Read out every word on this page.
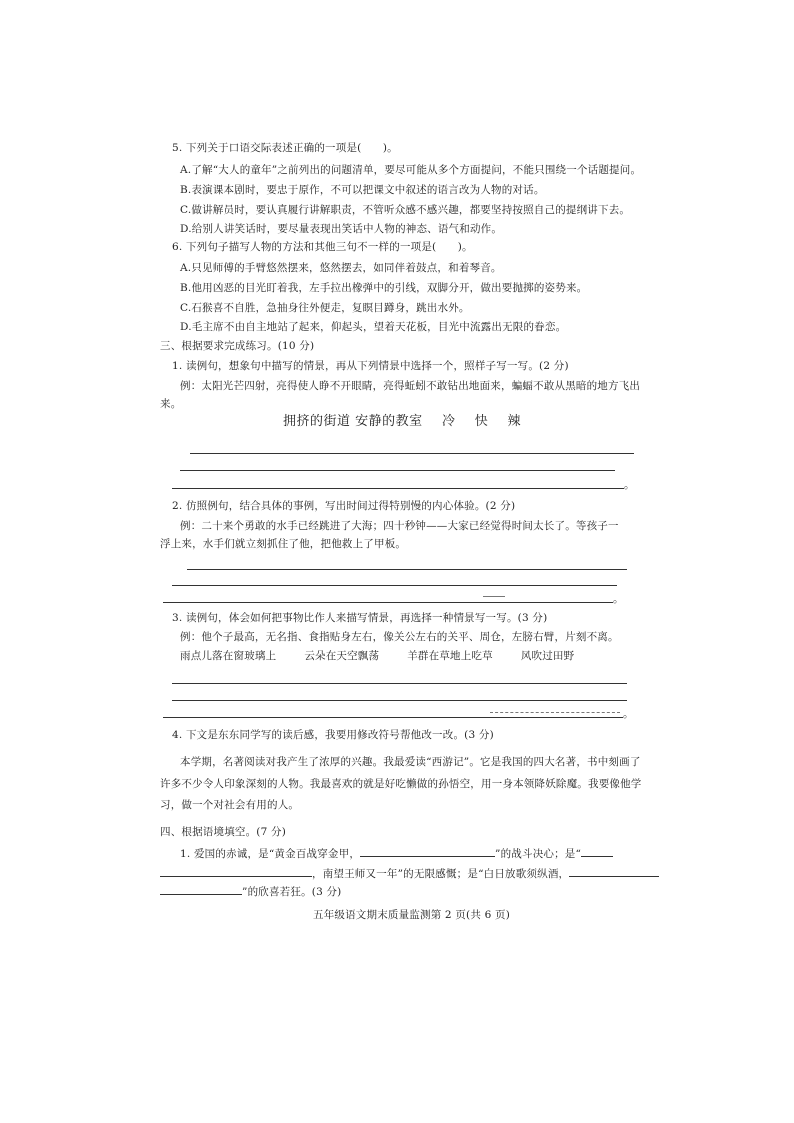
5. 下列关于口语交际表述正确的一项是(　　)。
A.了解“大人的童年”之前列出的问题清单，要尽可能从多个方面提问，不能只围绕一个话题提问。
B.表演课本剧时，要忠于原作，不可以把课文中叙述的语言改为人物的对话。
C.做讲解员时，要认真履行讲解职责，不管听众感不感兴趣，都要坚持按照自己的提纲讲下去。
D.给别人讲笑话时，要尽量表现出笑话中人物的神态、语气和动作。
6. 下列句子描写人物的方法和其他三句不一样的一项是(　　)。
A.只见师傅的手臂悠然摆来，悠然摆去，如同伴着鼓点，和着琴音。
B.他用凶恶的目光盯着我，左手拉出橡弹中的引线，双脚分开，做出要抛掷的姿势来。
C.石猴喜不自胜，急抽身往外便走，复瞑目蹲身，跳出水外。
D.毛主席不由自主地站了起来，仰起头，望着天花板，目光中流露出无限的眷恋。
三、根据要求完成练习。(10 分)
1. 读例句，想象句中描写的情景，再从下列情景中选择一个，照样子写一写。(2 分)
例：太阳光芒四射，亮得使人睁不开眼睛，亮得蚯蚓不敢钻出地面来，蝙蝠不敢从黑暗的地方飞出
来。
拥挤的街道 安静的教室 冷 快 辣
。
2. 仿照例句，结合具体的事例，写出时间过得特别慢的内心体验。(2 分)
例：二十来个勇敢的水手已经跳进了大海；四十秒钟——大家已经觉得时间太长了。等孩子一
浮上来，水手们就立刻抓住了他，把他救上了甲板。
。
3. 读例句，体会如何把事物比作人来描写情景，再选择一种情景写一写。(3 分)
例：他个子最高，无名指、食指贴身左右，像关公左右的关平、周仓，左膀右臂，片刻不离。
雨点儿落在窗玻璃上	云朵在天空飘荡	羊群在草地上吃草	风吹过田野
。
4. 下文是东东同学写的读后感，我要用修改符号帮他改一改。(3 分)
本学期，名著阅读对我产生了浓厚的兴趣。我最爱读“西游记”。它是我国的四大名著，书中刻画了
许多不少令人印象深刻的人物。我最喜欢的就是好吃懒做的孙悟空，用一身本领降妖除魔。我要像他学
习，做一个对社会有用的人。
四、根据语境填空。(7 分)
1. 爱国的赤诚，是“黄金百战穿金甲，	”的战斗决心；是“
，南望王师又一年”的无限感慨；是“白日放歌须纵酒，
”的欣喜若狂。(3 分)
五年级语文期末质量监测第 2 页(共 6 页)
